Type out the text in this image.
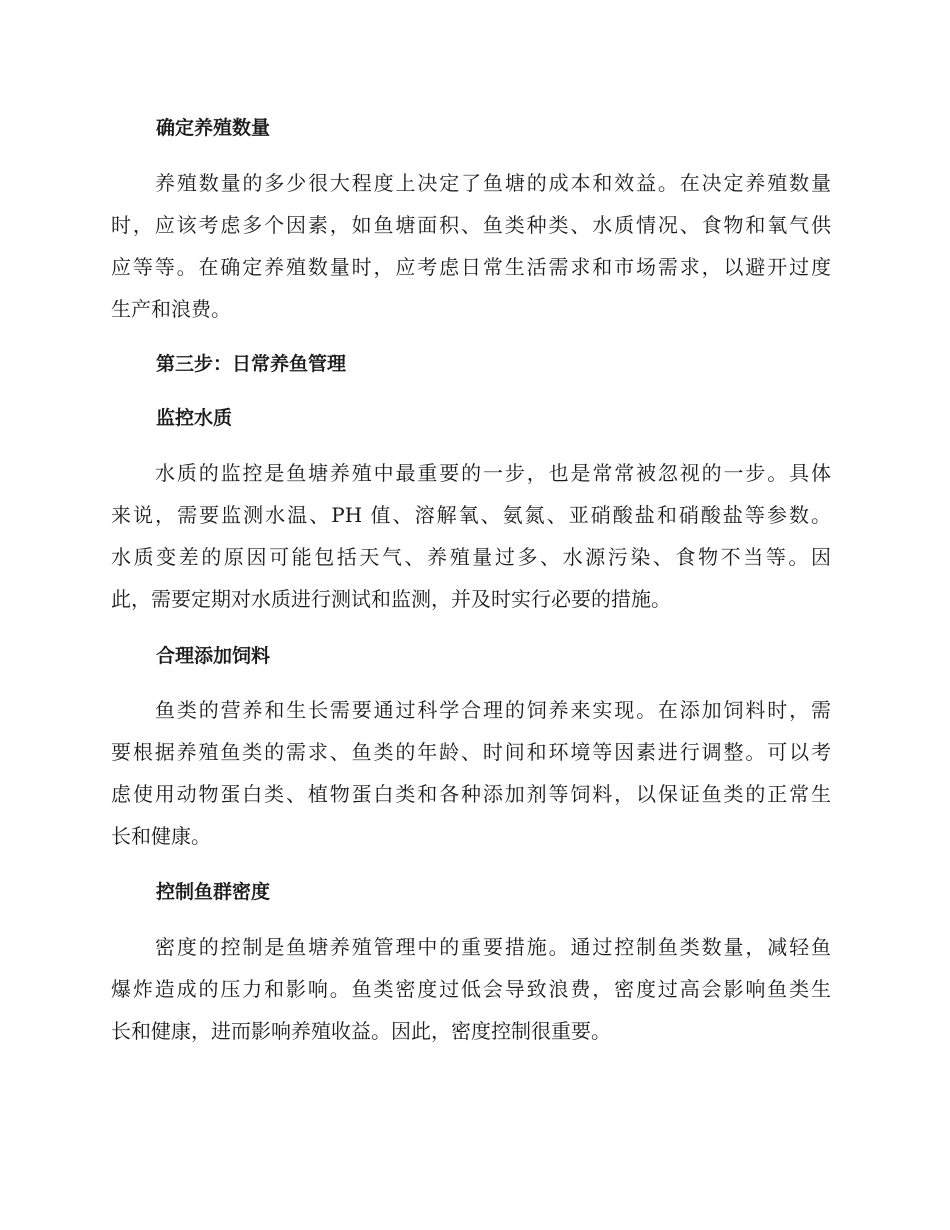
确定养殖数量
养殖数量的多少很大程度上决定了鱼塘的成本和效益。在决定养殖数量
时，应该考虑多个因素，如鱼塘面积、鱼类种类、水质情况、食物和氧气供
应等等。在确定养殖数量时，应考虑日常生活需求和市场需求，以避开过度
生产和浪费。
第三步：日常养鱼管理
监控水质
水质的监控是鱼塘养殖中最重要的一步，也是常常被忽视的一步。具体
来说，需要监测水温、PH 值、溶解氧、氨氮、亚硝酸盐和硝酸盐等参数。
水质变差的原因可能包括天气、养殖量过多、水源污染、食物不当等。因
此，需要定期对水质进行测试和监测，并及时实行必要的措施。
合理添加饲料
鱼类的营养和生长需要通过科学合理的饲养来实现。在添加饲料时，需
要根据养殖鱼类的需求、鱼类的年龄、时间和环境等因素进行调整。可以考
虑使用动物蛋白类、植物蛋白类和各种添加剂等饲料，以保证鱼类的正常生
长和健康。
控制鱼群密度
密度的控制是鱼塘养殖管理中的重要措施。通过控制鱼类数量，减轻鱼
爆炸造成的压力和影响。鱼类密度过低会导致浪费，密度过高会影响鱼类生
长和健康，进而影响养殖收益。因此，密度控制很重要。
